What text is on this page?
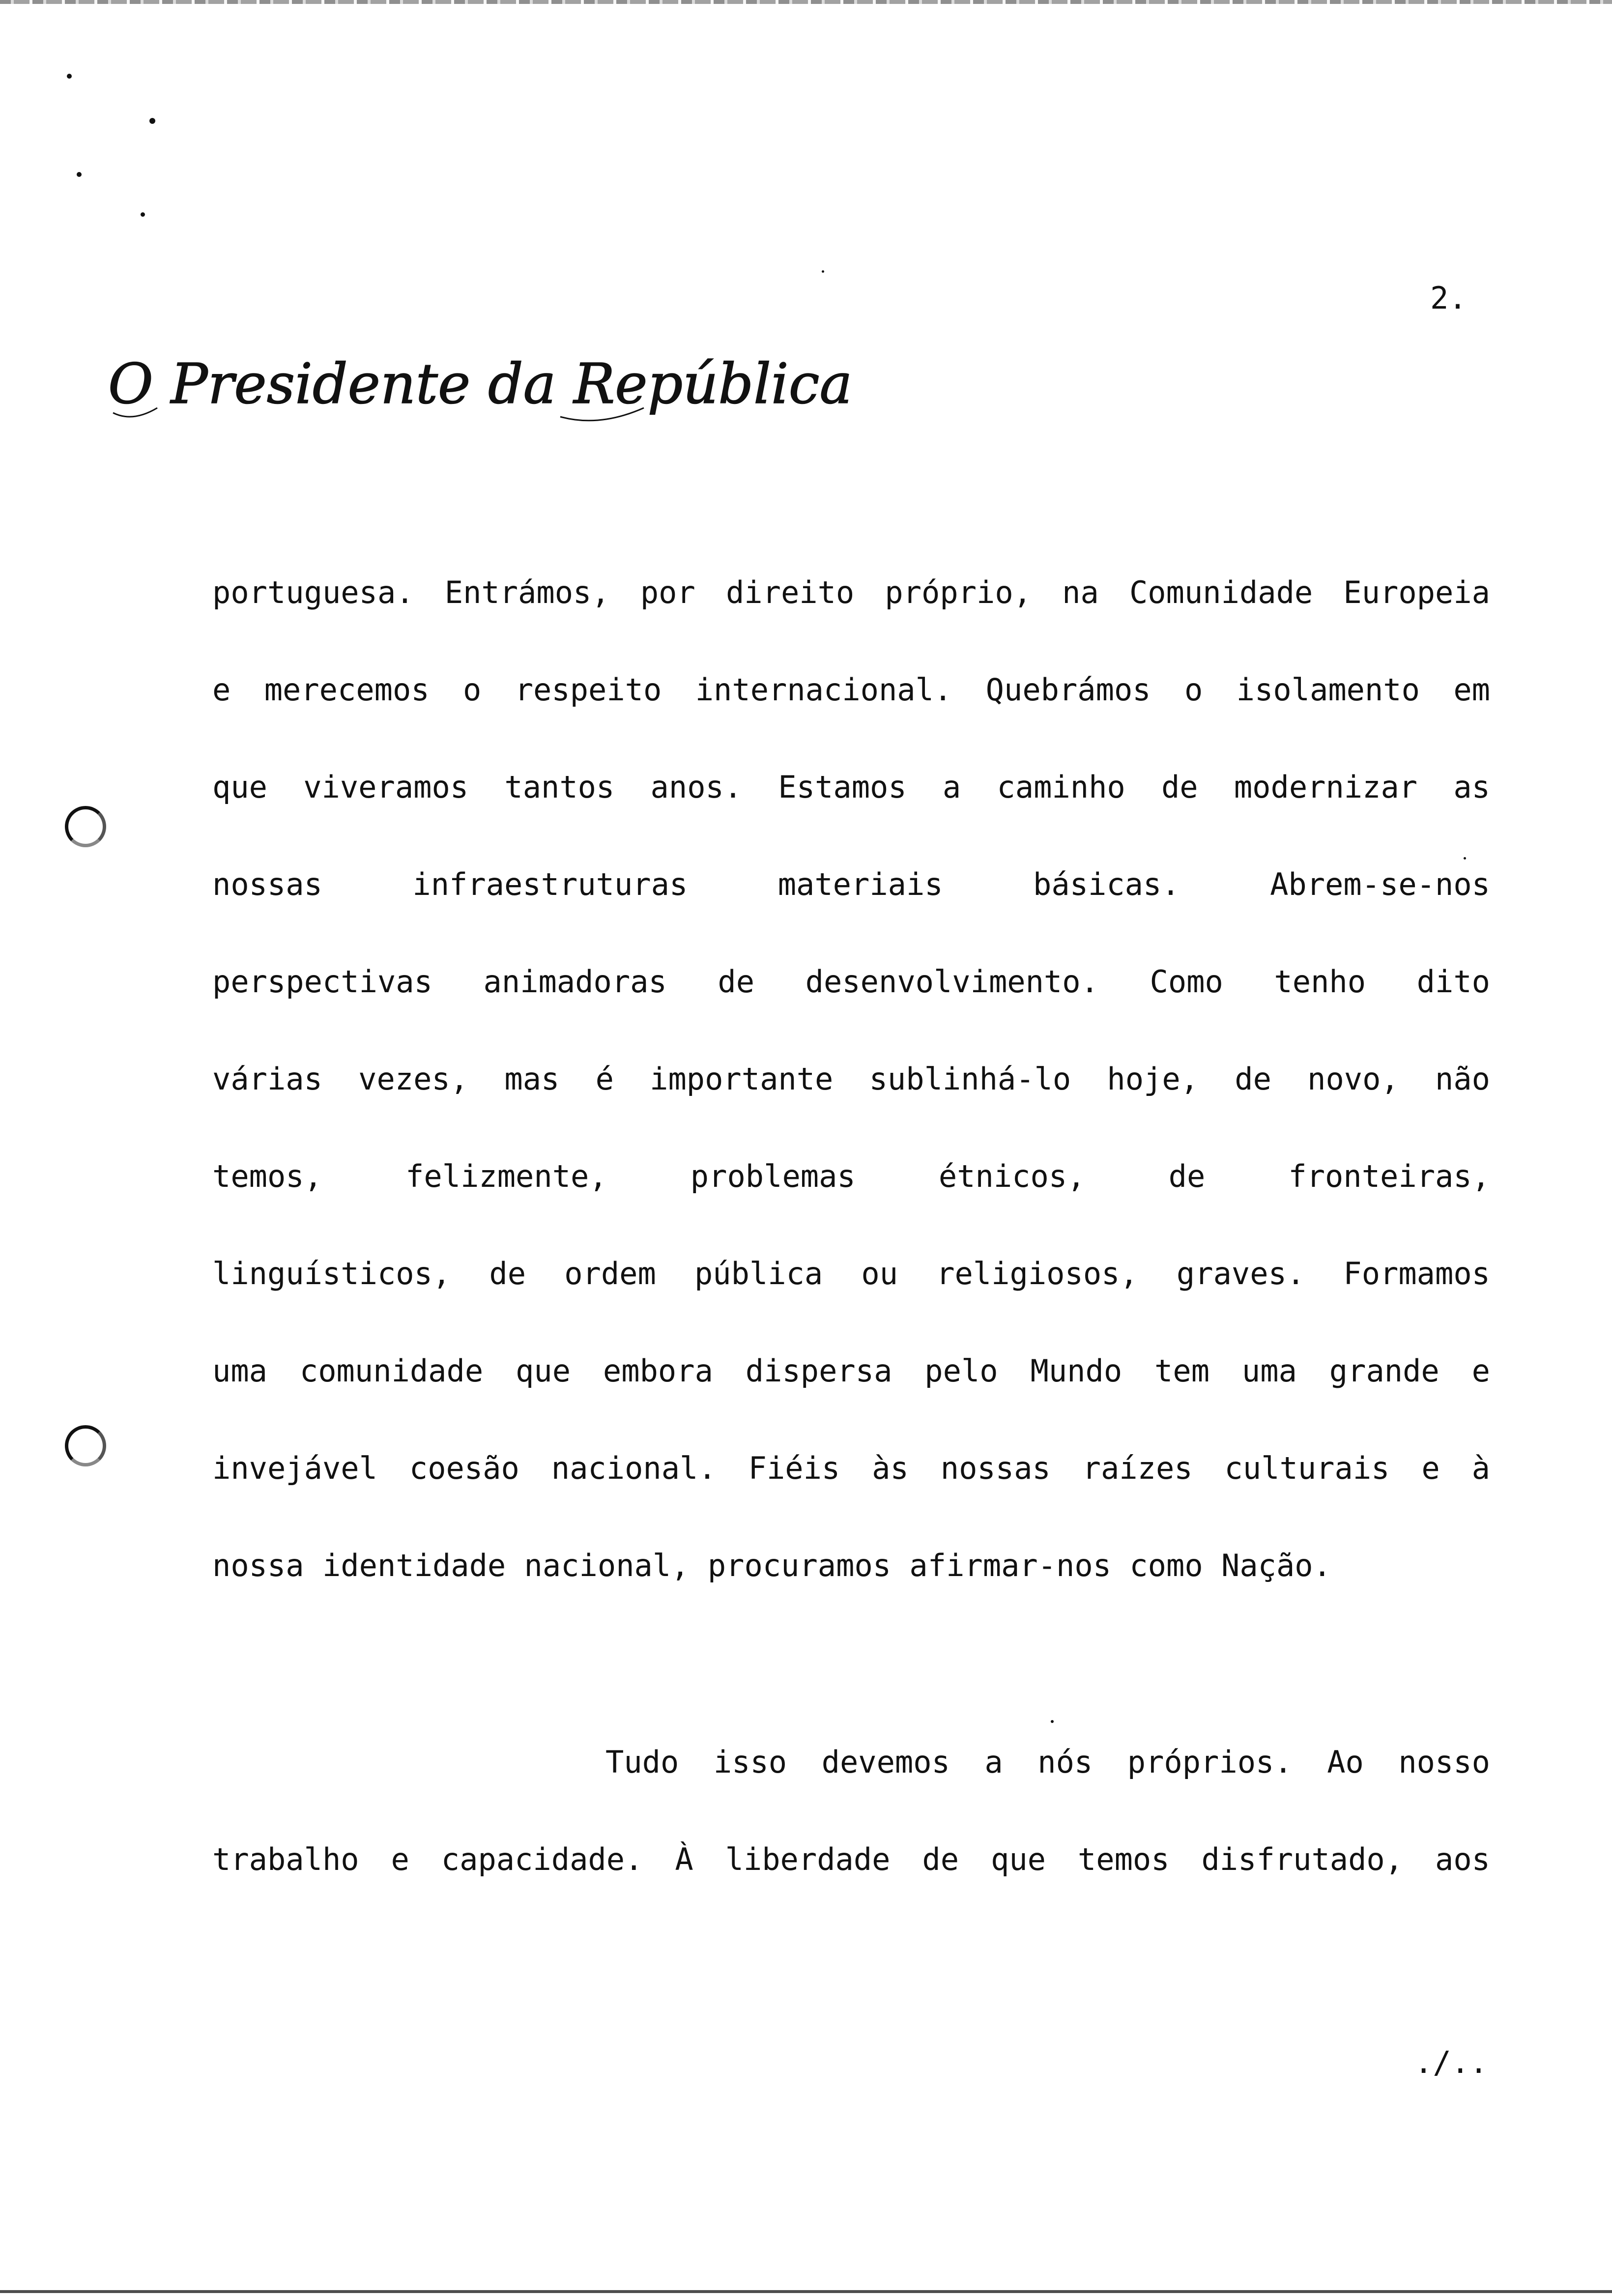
2.
O Presidente da República
portuguesa. Entrámos, por direito próprio, na Comunidade Europeia
e merecemos o respeito internacional. Quebrámos o isolamento em
que viveramos tantos anos. Estamos a caminho de modernizar as
nossas infraestruturas materiais básicas. Abrem-se-nos
perspectivas animadoras de desenvolvimento. Como tenho dito
várias vezes, mas é importante sublinhá-lo hoje, de novo, não
temos, felizmente, problemas étnicos, de fronteiras,
linguísticos, de ordem pública ou religiosos, graves. Formamos
uma comunidade que embora dispersa pelo Mundo tem uma grande e
invejável coesão nacional. Fiéis às nossas raízes culturais e à
nossa identidade nacional, procuramos afirmar-nos como Nação.
Tudo isso devemos a nós próprios. Ao nosso
trabalho e capacidade. À liberdade de que temos disfrutado, aos
./..
